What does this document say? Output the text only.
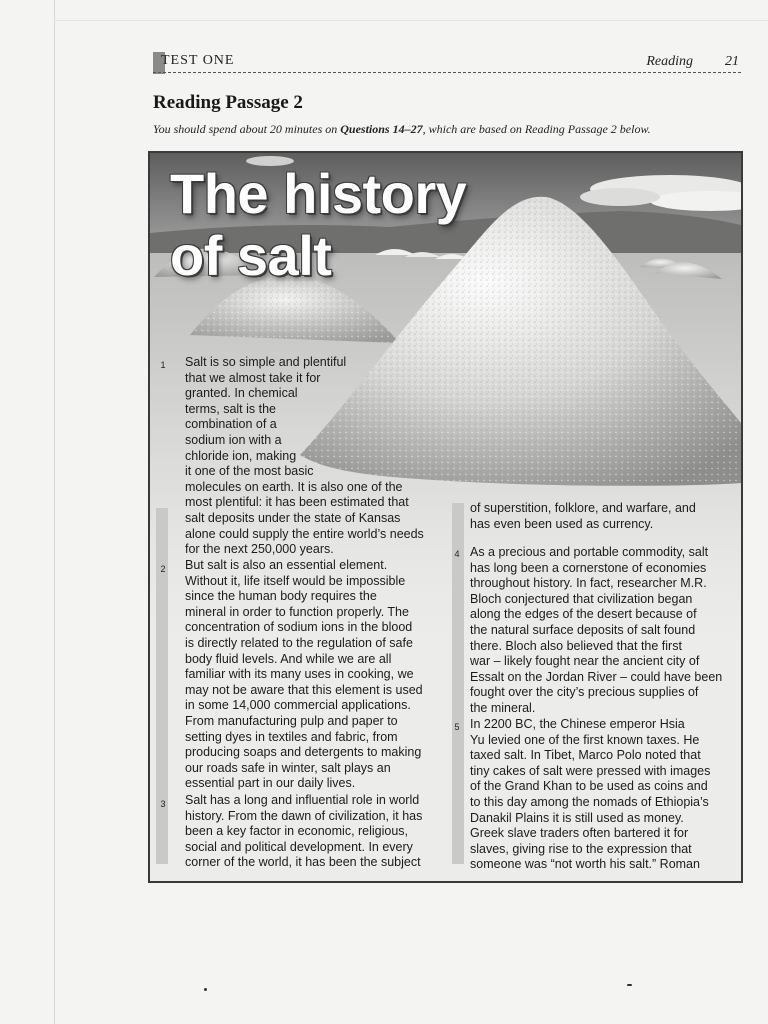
TEST ONE	Reading 21
Reading Passage 2

You should spend about 20 minutes on Questions 14–27, which are based on Reading Passage 2 below.

The history
of salt
1 Salt is so simple and plentiful
that we almost take it for
granted. In chemical
terms, salt is the
combination of a
sodium ion with a
chloride ion, making
it one of the most basic
molecules on earth. It is also one of the
most plentiful: it has been estimated that
salt deposits under the state of Kansas
alone could supply the entire world’s needs
for the next 250,000 years.

2 But salt is also an essential element.
Without it, life itself would be impossible
since the human body requires the
mineral in order to function properly. The
concentration of sodium ions in the blood
is directly related to the regulation of safe
body fluid levels. And while we are all
familiar with its many uses in cooking, we
may not be aware that this element is used
in some 14,000 commercial applications.
From manufacturing pulp and paper to
setting dyes in textiles and fabric, from
producing soaps and detergents to making
our roads safe in winter, salt plays an
essential part in our daily lives.

3 Salt has a long and influential role in world
history. From the dawn of civilization, it has
been a key factor in economic, religious,
social and political development. In every
corner of the world, it has been the subject

of superstition, folklore, and warfare, and
has even been used as currency.

4 As a precious and portable commodity, salt
has long been a cornerstone of economies
throughout history. In fact, researcher M.R.
Bloch conjectured that civilization began
along the edges of the desert because of
the natural surface deposits of salt found
there. Bloch also believed that the first
war – likely fought near the ancient city of
Essalt on the Jordan River – could have been
fought over the city’s precious supplies of
the mineral.

5 In 2200 BC, the Chinese emperor Hsia
Yu levied one of the first known taxes. He
taxed salt. In Tibet, Marco Polo noted that
tiny cakes of salt were pressed with images
of the Grand Khan to be used as coins and
to this day among the nomads of Ethiopia’s
Danakil Plains it is still used as money.
Greek slave traders often bartered it for
slaves, giving rise to the expression that
someone was “not worth his salt.” Roman
